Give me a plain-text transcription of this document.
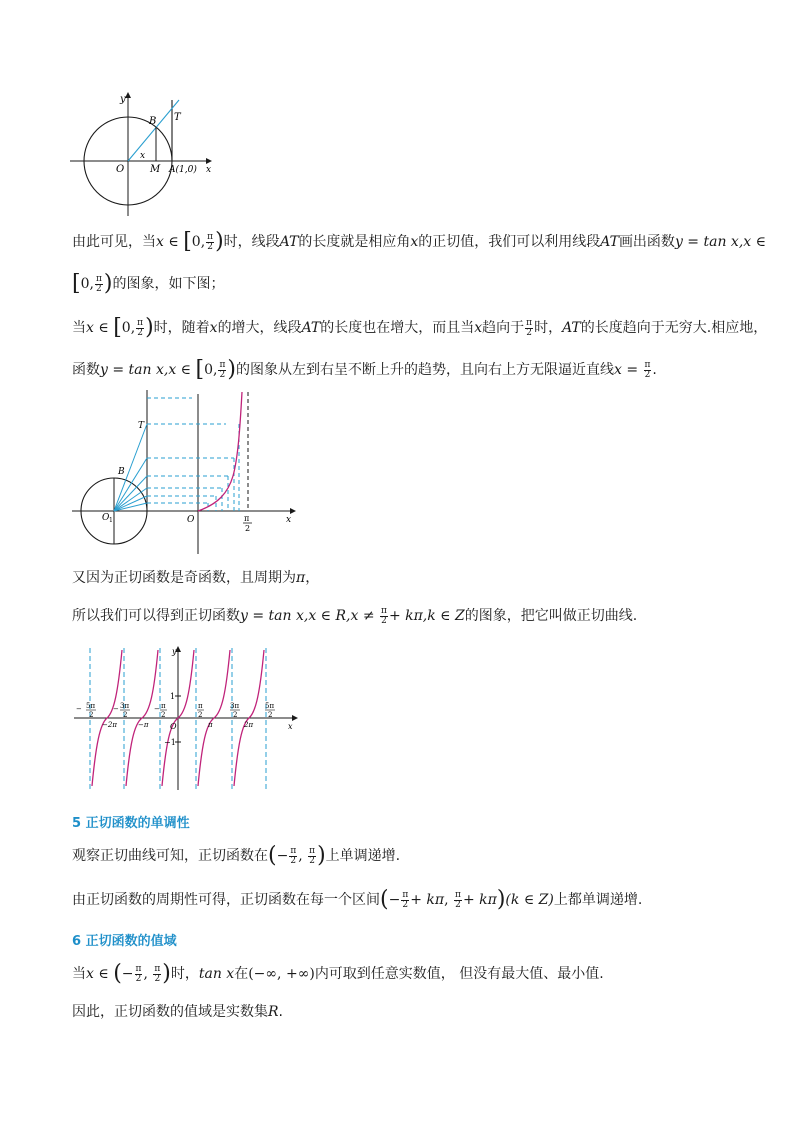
y
x
T
B
O	M A(1,0)
x
由此可见，当x ∈ [0, $\frac{\pi}{2}$ )时，线段AT的长度就是相应角x的正切值，我们可以利用线段AT画出函数y = tan x,x ∈
[0, $\frac{\pi}{2}$ )的图象，如下图；
当x ∈ [0, $\frac{\pi}{2}$ )时，随着x的增大，线段AT的长度也在增大，而且当x趋向于 $\frac{\pi}{2}$ 时，AT的长度趋向于无穷大.相应地，
函数y = tan x,x ∈ [0, $\frac{\pi}{2}$ )的图象从左到右呈不断上升的趋势，且向右上方无限逼近直线$x = \frac{\pi}{2}$ .
T
B
O 1	O	x
π
2
又因为正切函数是奇函数，且周期为π，
所以我们可以得到正切函数y = tan x,x ∈ $R,x \ne \frac{\pi}{2} + k\pi,k$ ∈ Z的图象，把它叫做正切曲线.
1
−1
y
x
O
− 5π
2
− 3π
2
− π
2
π
2
3π
2
5π
2
−2π	−π	π	2π
5 正切函数的单调性
观察正切曲线可知，正切函数在(− $\frac{\pi}{2}$ , $\frac{\pi}{2}$ )上单调递增.
由正切函数的周期性可得，正切函数在每一个区间(− $\frac{\pi}{2} + k\pi$, $\frac{\pi}{2} + k\pi)(k$ ∈ Z)上都单调递增.
6 正切函数的值域
当x ∈ (− $\frac{\pi}{2}$ , $\frac{\pi}{2}$ )时，tan x在(−∞, +∞)内可取到任意实数值， 但没有最大值、最小值.
因此，正切函数的值域是实数集R.
